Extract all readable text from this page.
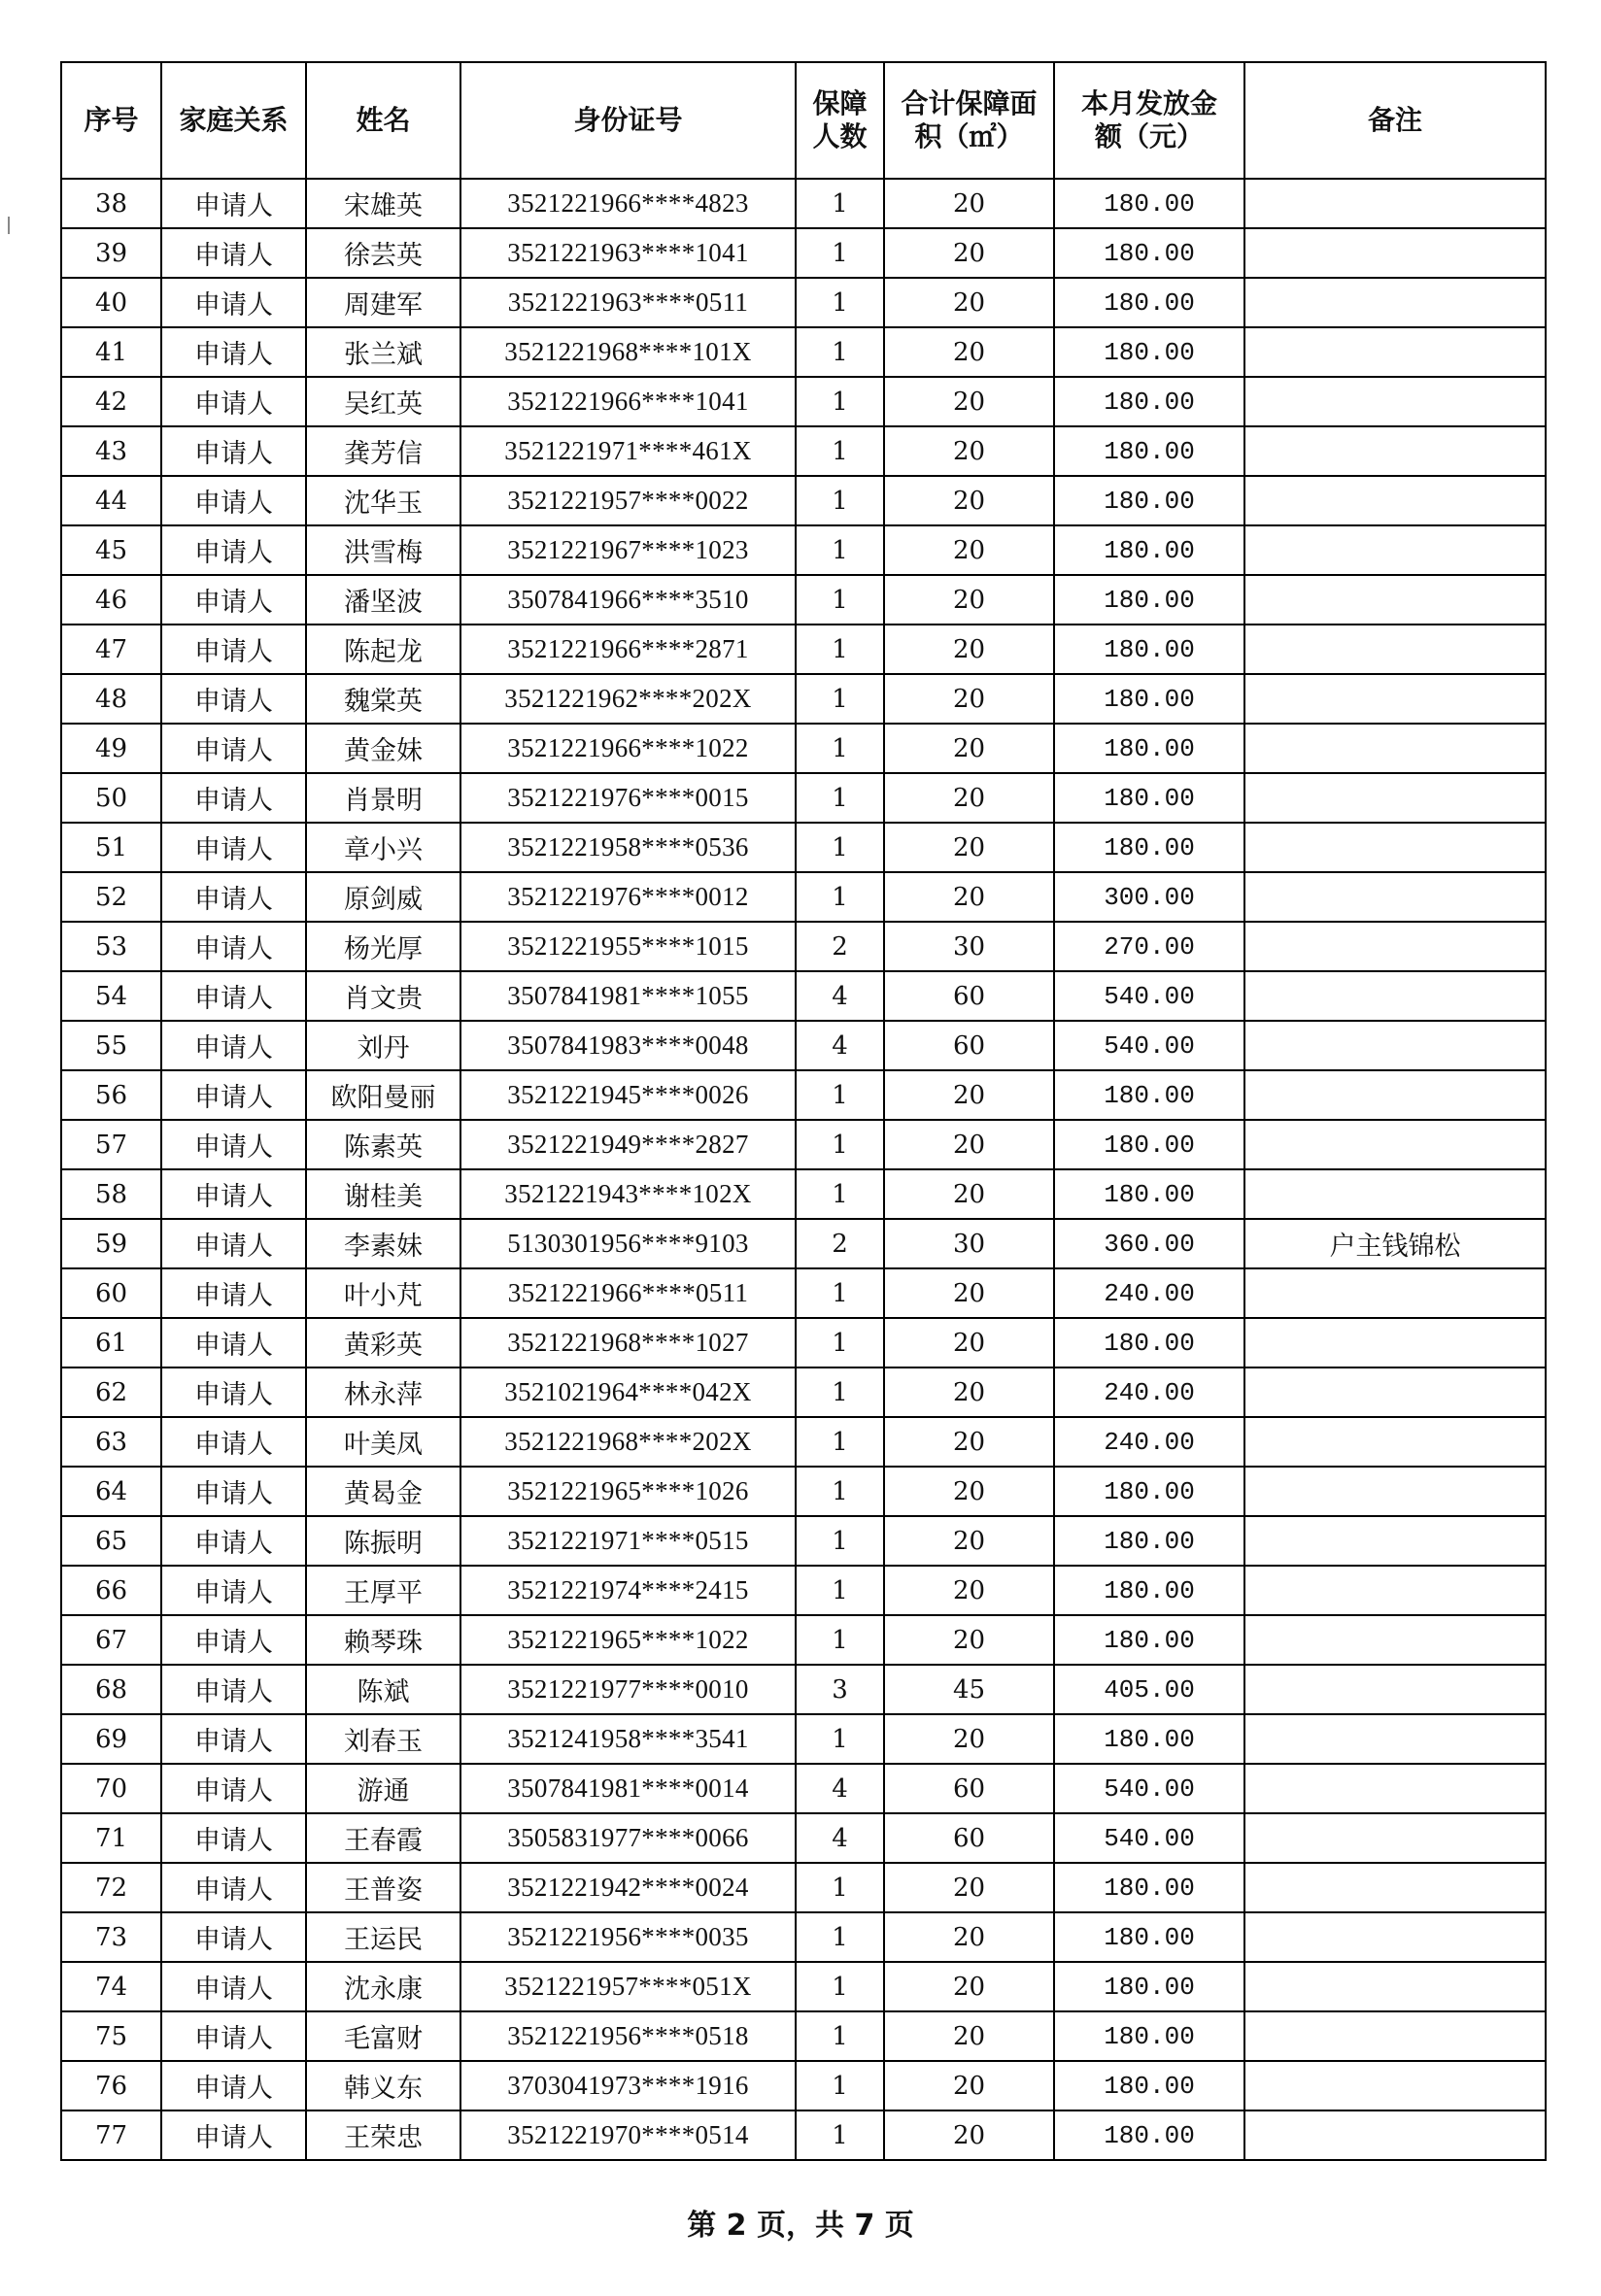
序号	家庭关系	姓名	身份证号	保障人数	合计保障面积（㎡）	本月发放金额（元）	备注
38	申请人	宋雄英	3521221966****4823	1	20	180.00	
39	申请人	徐芸英	3521221963****1041	1	20	180.00	
40	申请人	周建军	3521221963****0511	1	20	180.00	
41	申请人	张兰斌	3521221968****101X	1	20	180.00	
42	申请人	吴红英	3521221966****1041	1	20	180.00	
43	申请人	龚芳信	3521221971****461X	1	20	180.00	
44	申请人	沈华玉	3521221957****0022	1	20	180.00	
45	申请人	洪雪梅	3521221967****1023	1	20	180.00	
46	申请人	潘坚波	3507841966****3510	1	20	180.00	
47	申请人	陈起龙	3521221966****2871	1	20	180.00	
48	申请人	魏棠英	3521221962****202X	1	20	180.00	
49	申请人	黄金妹	3521221966****1022	1	20	180.00	
50	申请人	肖景明	3521221976****0015	1	20	180.00	
51	申请人	章小兴	3521221958****0536	1	20	180.00	
52	申请人	原剑威	3521221976****0012	1	20	300.00	
53	申请人	杨光厚	3521221955****1015	2	30	270.00	
54	申请人	肖文贵	3507841981****1055	4	60	540.00	
55	申请人	刘丹	3507841983****0048	4	60	540.00	
56	申请人	欧阳曼丽	3521221945****0026	1	20	180.00	
57	申请人	陈素英	3521221949****2827	1	20	180.00	
58	申请人	谢桂美	3521221943****102X	1	20	180.00	
59	申请人	李素妹	5130301956****9103	2	30	360.00	户主钱锦松
60	申请人	叶小芃	3521221966****0511	1	20	240.00	
61	申请人	黄彩英	3521221968****1027	1	20	180.00	
62	申请人	林永萍	3521021964****042X	1	20	240.00	
63	申请人	叶美凤	3521221968****202X	1	20	240.00	
64	申请人	黄曷金	3521221965****1026	1	20	180.00	
65	申请人	陈振明	3521221971****0515	1	20	180.00	
66	申请人	王厚平	3521221974****2415	1	20	180.00	
67	申请人	赖琴珠	3521221965****1022	1	20	180.00	
68	申请人	陈斌	3521221977****0010	3	45	405.00	
69	申请人	刘春玉	3521241958****3541	1	20	180.00	
70	申请人	游通	3507841981****0014	4	60	540.00	
71	申请人	王春霞	3505831977****0066	4	60	540.00	
72	申请人	王普姿	3521221942****0024	1	20	180.00	
73	申请人	王运民	3521221956****0035	1	20	180.00	
74	申请人	沈永康	3521221957****051X	1	20	180.00	
75	申请人	毛富财	3521221956****0518	1	20	180.00	
76	申请人	韩义东	3703041973****1916	1	20	180.00	
77	申请人	王荣忠	3521221970****0514	1	20	180.00	
第 2 页，共 7 页
